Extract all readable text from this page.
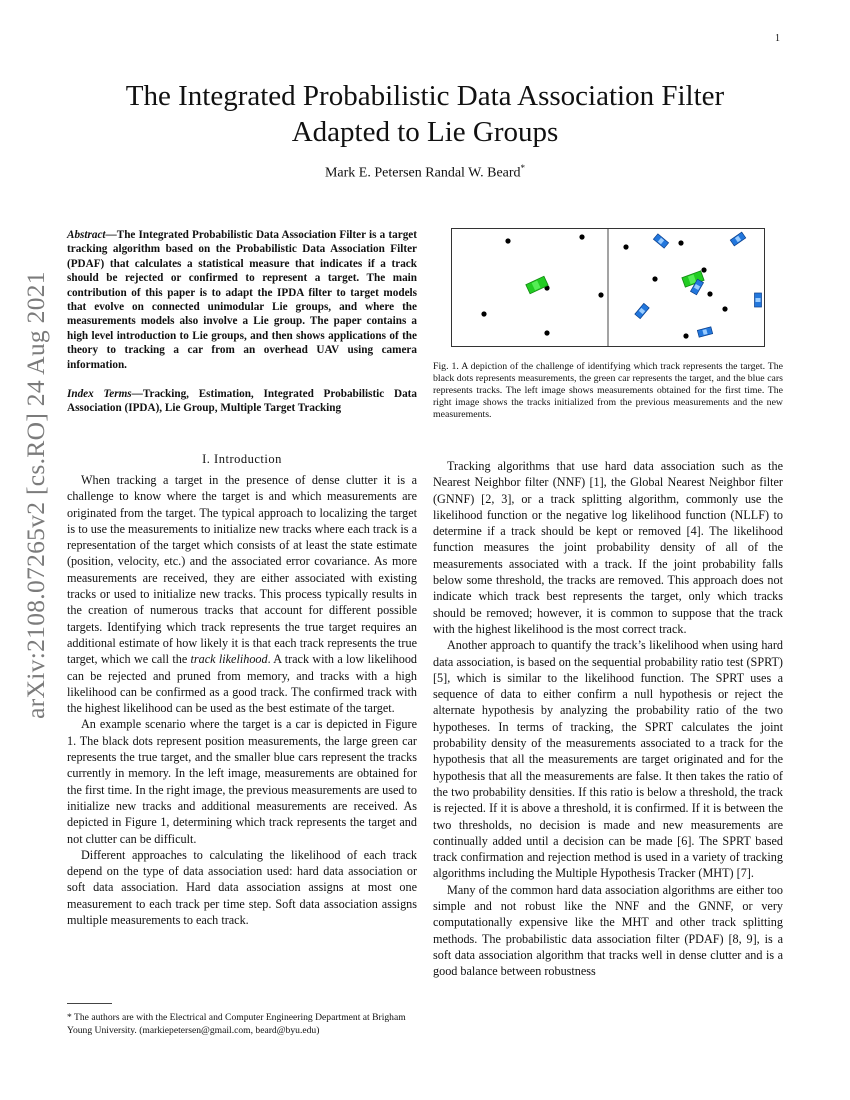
1
arXiv:2108.07265v2 [cs.RO] 24 Aug 2021
The Integrated Probabilistic Data Association Filter
Adapted to Lie Groups
Mark E. Petersen Randal W. Beard*
Abstract—The Integrated Probabilistic Data Association Filter is a target tracking algorithm based on the Probabilistic Data Association Filter (PDAF) that calculates a statistical measure that indicates if a track should be rejected or confirmed to represent a target. The main contribution of this paper is to adapt the IPDA filter to target models that evolve on connected unimodular Lie groups, and where the measurements models also involve a Lie group. The paper contains a high level introduction to Lie groups, and then shows applications of the theory to tracking a car from an overhead UAV using camera information.
Index Terms—Tracking, Estimation, Integrated Probabilistic Data Association (IPDA), Lie Group, Multiple Target Tracking
I. Introduction

When tracking a target in the presence of dense clutter it is a challenge to know where the target is and which measurements are originated from the target. The typical approach to localizing the target is to use the measurements to initialize new tracks where each track is a representation of the target which consists of at least the state estimate (position, velocity, etc.) and the associated error covariance. As more measurements are received, they are either associated with existing tracks or used to initialize new tracks. This process typically results in the creation of numerous tracks that account for different possible targets. Identifying which track represents the true target requires an additional estimate of how likely it is that each track represents the true target, which we call the track likelihood. A track with a low likelihood can be rejected and pruned from memory, and tracks with a high likelihood can be confirmed as a good track. The confirmed track with the highest likelihood can be used as the best estimate of the target.

An example scenario where the target is a car is depicted in Figure 1. The black dots represent position measurements, the large green car represents the true target, and the smaller blue cars represent the tracks currently in memory. In the left image, measurements are obtained for the first time. In the right image, the previous measurements are used to initialize new tracks and additional measurements are received. As depicted in Figure 1, determining which track represents the target and not clutter can be difficult.

Different approaches to calculating the likelihood of each track depend on the type of data association used: hard data association or soft data association. Hard data association assigns at most one measurement to each track per time step. Soft data association assigns multiple measurements to each track.

* The authors are with the Electrical and Computer Engineering Department at Brigham Young University. (markiepetersen@gmail.com, beard@byu.edu)
Fig. 1. A depiction of the challenge of identifying which track represents the target. The black dots represents measurements, the green car represents the target, and the blue cars represents tracks. The left image shows measurements obtained for the first time. The right image shows the tracks initialized from the previous measurements and the new measurements.

Tracking algorithms that use hard data association such as the Nearest Neighbor filter (NNF) [1], the Global Nearest Neighbor filter (GNNF) [2, 3], or a track splitting algorithm, commonly use the likelihood function or the negative log likelihood function (NLLF) to determine if a track should be kept or removed [4]. The likelihood function measures the joint probability density of all of the measurements associated with a track. If the joint probability falls below some threshold, the tracks are removed. This approach does not indicate which track best represents the target, only which tracks should be removed; however, it is common to suppose that the track with the highest likelihood is the most correct track.

Another approach to quantify the track’s likelihood when using hard data association, is based on the sequential probability ratio test (SPRT) [5], which is similar to the likelihood function. The SPRT uses a sequence of data to either confirm a null hypothesis or reject the alternate hypothesis by analyzing the probability ratio of the two hypotheses. In terms of tracking, the SPRT calculates the joint probability density of the measurements associated to a track for the hypothesis that all the measurements are target originated and for the hypothesis that all the measurements are false. It then takes the ratio of the two probability densities. If this ratio is below a threshold, the track is rejected. If it is above a threshold, it is confirmed. If it is between the two thresholds, no decision is made and new measurements are continually added until a decision can be made [6]. The SPRT based track confirmation and rejection method is used in a variety of tracking algorithms including the Multiple Hypothesis Tracker (MHT) [7].

Many of the common hard data association algorithms are either too simple and not robust like the NNF and the GNNF, or very computationally expensive like the MHT and other track splitting methods. The probabilistic data association filter (PDAF) [8, 9], is a soft data association algorithm that tracks well in dense clutter and is a good balance between robustness
